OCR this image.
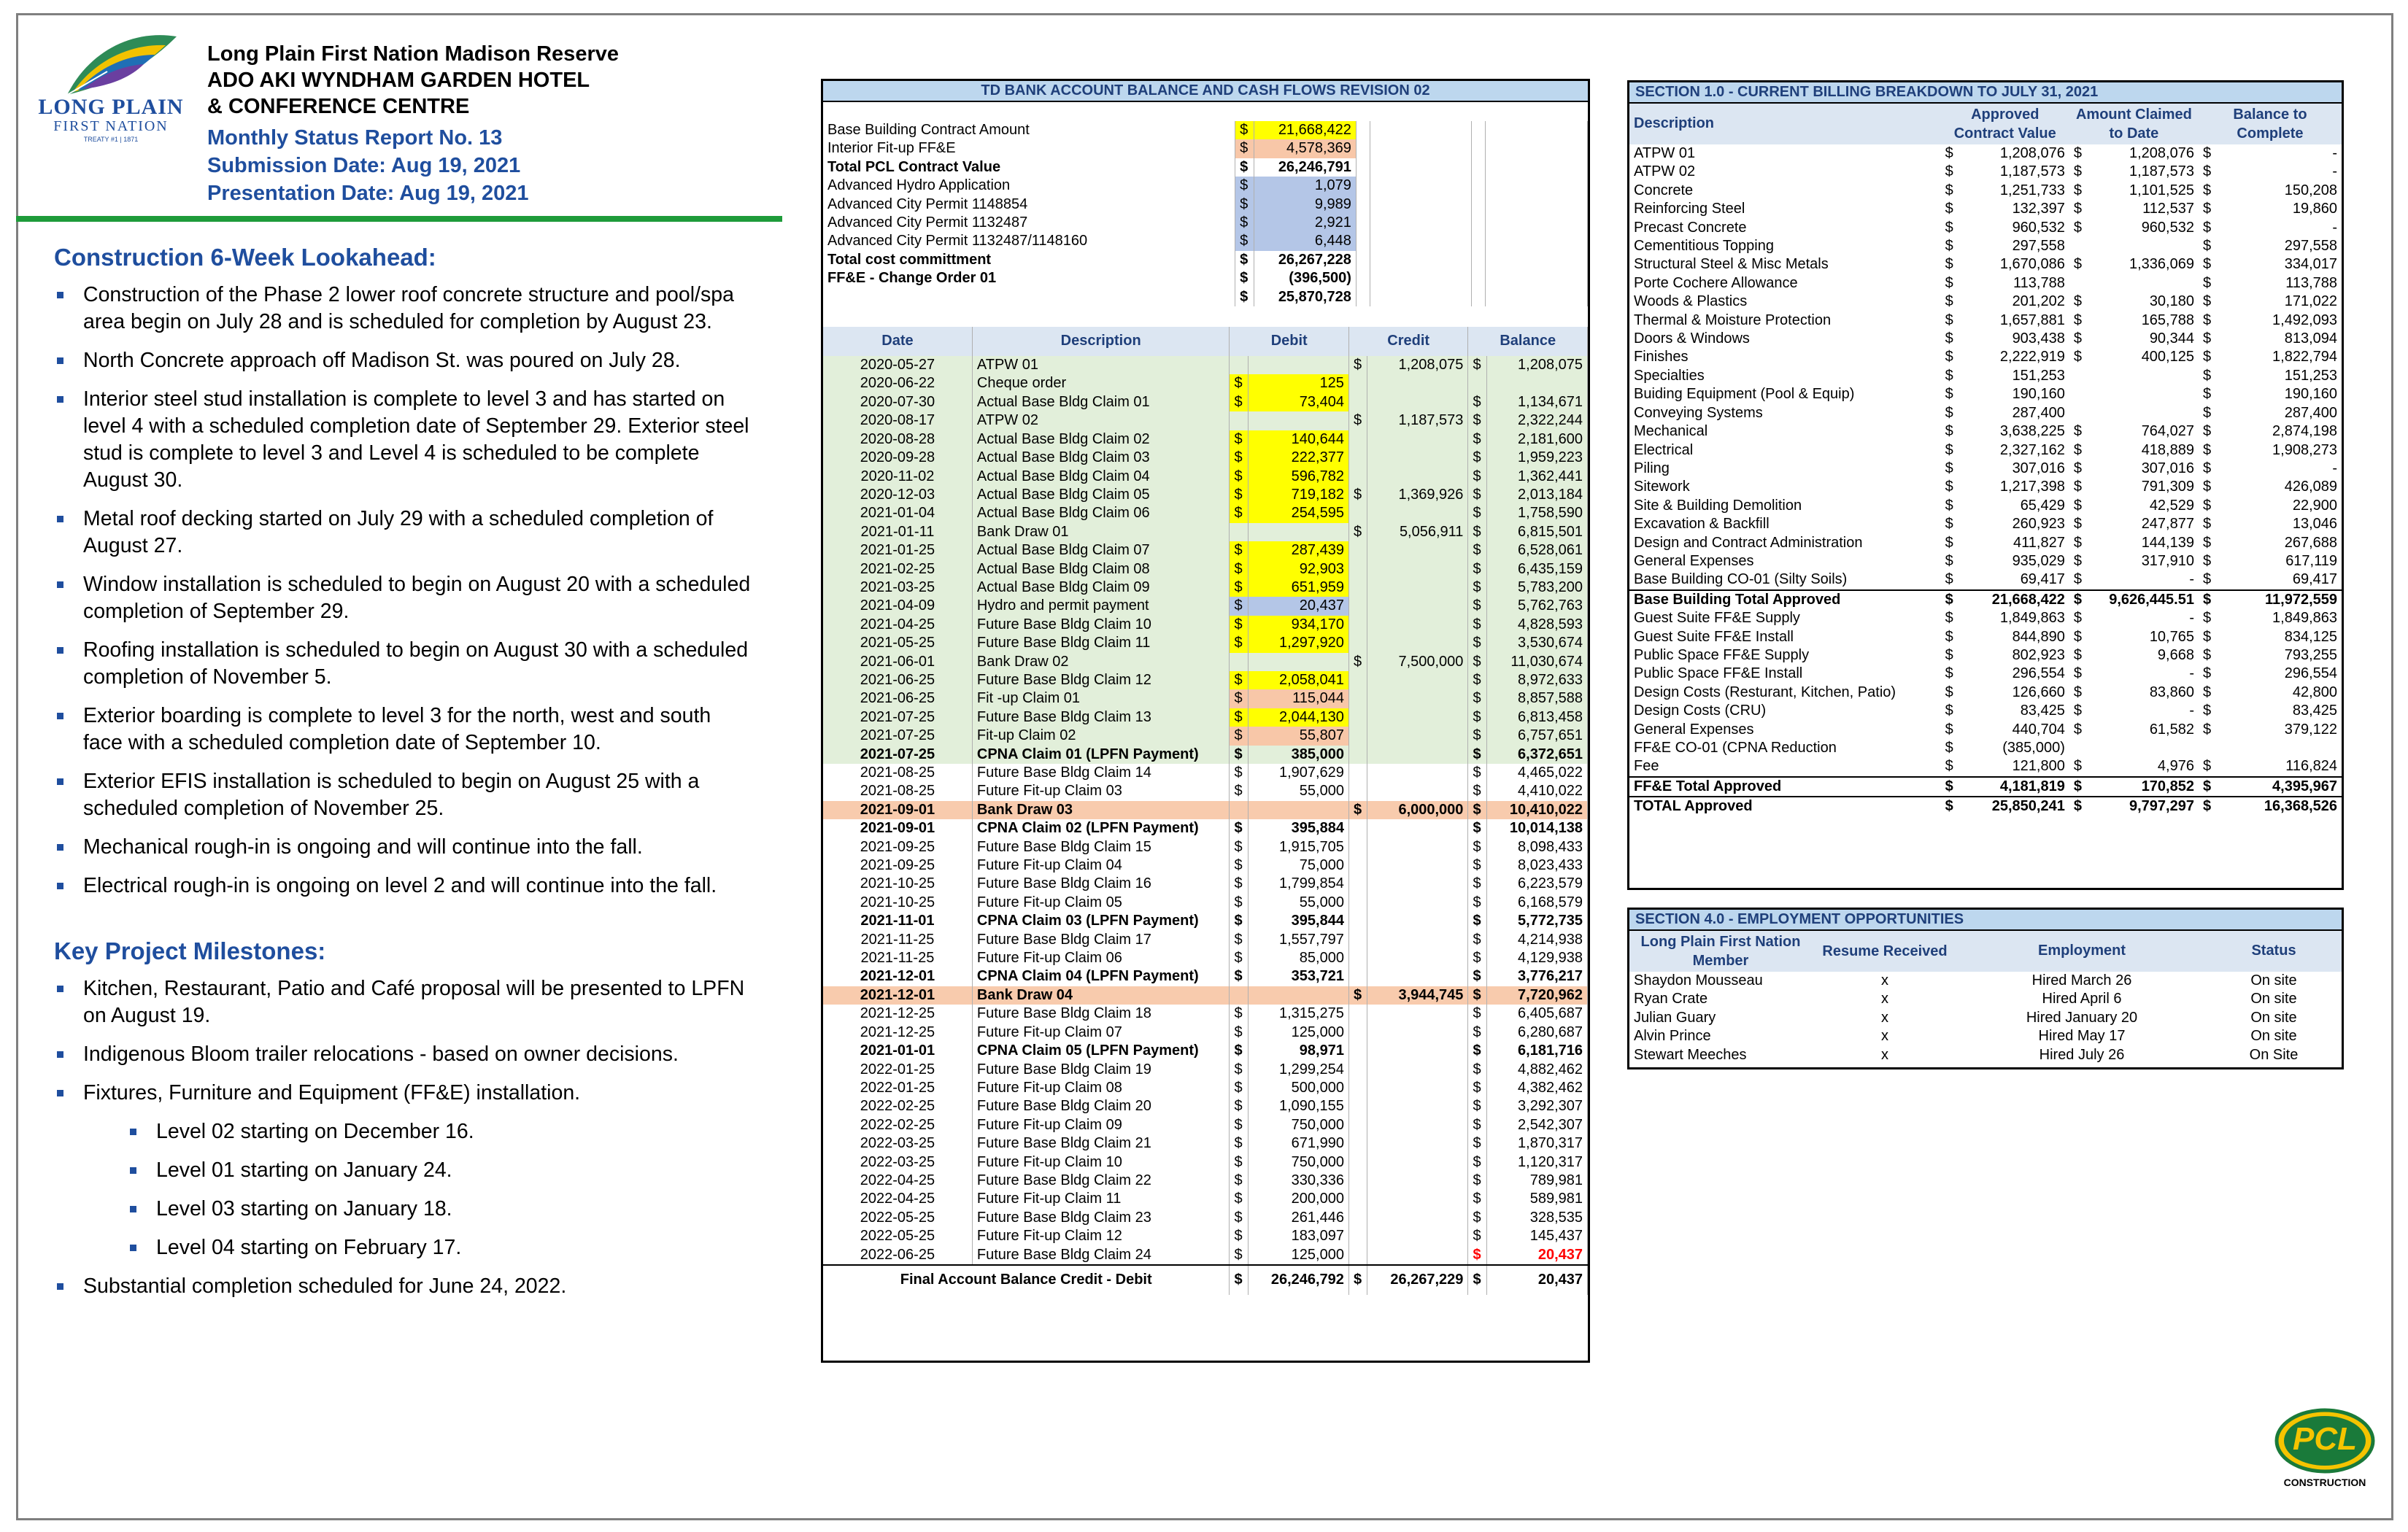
LONG PLAIN
FIRST NATION
TREATY #1 | 1871
Long Plain First Nation Madison Reserve
ADO AKI WYNDHAM GARDEN HOTEL
& CONFERENCE CENTRE
Monthly Status Report No. 13
Submission Date: Aug 19, 2021
Presentation Date: Aug 19, 2021
Construction 6-Week Lookahead:
Construction of the Phase 2 lower roof concrete structure and pool/spa area begin on July 28 and is scheduled for completion by August 23.
North Concrete approach off Madison St. was poured on July 28.
Interior steel stud installation is complete to level 3 and has started on level 4 with a scheduled completion date of September 29. Exterior steel stud is complete to level 3 and Level 4 is scheduled to be complete August 30.
Metal roof decking started on July 29 with a scheduled completion of August 27.
Window installation is scheduled to begin on August 20 with a scheduled completion of September 29.
Roofing installation is scheduled to begin on August 30 with a scheduled completion of November 5.
Exterior boarding is complete to level 3 for the north, west and south face with a scheduled completion date of September 10.
Exterior EFIS installation is scheduled to begin on August 25 with a scheduled completion of November 25.
Mechanical rough-in is ongoing and will continue into the fall.
Electrical rough-in is ongoing on level 2 and will continue into the fall.
Key Project Milestones:
Kitchen, Restaurant, Patio and Café proposal will be presented to LPFN on August 19.
Indigenous Bloom trailer relocations - based on owner decisions.
Fixtures, Furniture and Equipment (FF&E) installation.
Level 02 starting on December 16.
Level 01 starting on January 24.
Level 03 starting on January 18.
Level 04 starting on February 17.
Substantial completion scheduled for June 24, 2022.
TD BANK ACCOUNT BALANCE AND CASH FLOWS REVISION 02
Base Building Contract Amount	$	21,668,422				
Interior Fit-up FF&E	$	4,578,369				
Total PCL Contract Value	$	26,246,791				
Advanced Hydro Application	$	1,079				
Advanced City Permit 1148854	$	9,989				
Advanced City Permit 1132487	$	2,921				
Advanced City Permit 1132487/1148160	$	6,448				
Total cost committment	$	26,267,228				
FF&E - Change Order 01	$	(396,500)				
	$	25,870,728				
Date	Description	Debit		Credit		Balance	
2020-05-27	ATPW 01			$	1,208,075	$	1,208,075
2020-06-22	Cheque order	$	125				
2020-07-30	Actual Base Bldg Claim 01	$	73,404			$	1,134,671
2020-08-17	ATPW 02			$	1,187,573	$	2,322,244
2020-08-28	Actual Base Bldg Claim 02	$	140,644			$	2,181,600
2020-09-28	Actual Base Bldg Claim 03	$	222,377			$	1,959,223
2020-11-02	Actual Base Bldg Claim 04	$	596,782			$	1,362,441
2020-12-03	Actual Base Bldg Claim 05	$	719,182	$	1,369,926	$	2,013,184
2021-01-04	Actual Base Bldg Claim 06	$	254,595			$	1,758,590
2021-01-11	Bank Draw 01			$	5,056,911	$	6,815,501
2021-01-25	Actual Base Bldg Claim 07	$	287,439			$	6,528,061
2021-02-25	Actual Base Bldg Claim 08	$	92,903			$	6,435,159
2021-03-25	Actual Base Bldg Claim 09	$	651,959			$	5,783,200
2021-04-09	Hydro and permit payment	$	20,437			$	5,762,763
2021-04-25	Future Base Bldg Claim 10	$	934,170			$	4,828,593
2021-05-25	Future Base Bldg Claim 11	$	1,297,920			$	3,530,674
2021-06-01	Bank Draw 02			$	7,500,000	$	11,030,674
2021-06-25	Future Base Bldg Claim 12	$	2,058,041			$	8,972,633
2021-06-25	Fit -up Claim 01	$	115,044			$	8,857,588
2021-07-25	Future Base Bldg Claim 13	$	2,044,130			$	6,813,458
2021-07-25	Fit-up Claim 02	$	55,807			$	6,757,651
2021-07-25	CPNA Claim 01 (LPFN Payment)	$	385,000			$	6,372,651
2021-08-25	Future Base Bldg Claim 14	$	1,907,629			$	4,465,022
2021-08-25	Future Fit-up Claim 03	$	55,000			$	4,410,022
2021-09-01	Bank Draw 03			$	6,000,000	$	10,410,022
2021-09-01	CPNA Claim 02 (LPFN Payment)	$	395,884			$	10,014,138
2021-09-25	Future Base Bldg Claim 15	$	1,915,705			$	8,098,433
2021-09-25	Future Fit-up Claim 04	$	75,000			$	8,023,433
2021-10-25	Future Base Bldg Claim 16	$	1,799,854			$	6,223,579
2021-10-25	Future Fit-up Claim 05	$	55,000			$	6,168,579
2021-11-01	CPNA Claim 03 (LPFN Payment)	$	395,844			$	5,772,735
2021-11-25	Future Base Bldg Claim 17	$	1,557,797			$	4,214,938
2021-11-25	Future Fit-up Claim 06	$	85,000			$	4,129,938
2021-12-01	CPNA Claim 04 (LPFN Payment)	$	353,721			$	3,776,217
2021-12-01	Bank Draw 04			$	3,944,745	$	7,720,962
2021-12-25	Future Base Bldg Claim 18	$	1,315,275			$	6,405,687
2021-12-25	Future Fit-up Claim 07	$	125,000			$	6,280,687
2021-01-01	CPNA Claim 05 (LPFN Payment)	$	98,971			$	6,181,716
2022-01-25	Future Base Bldg Claim 19	$	1,299,254			$	4,882,462
2022-01-25	Future Fit-up Claim 08	$	500,000			$	4,382,462
2022-02-25	Future Base Bldg Claim 20	$	1,090,155			$	3,292,307
2022-02-25	Future Fit-up Claim 09	$	750,000			$	2,542,307
2022-03-25	Future Base Bldg Claim 21	$	671,990			$	1,870,317
2022-03-25	Future Fit-up Claim 10	$	750,000			$	1,120,317
2022-04-25	Future Base Bldg Claim 22	$	330,336			$	789,981
2022-04-25	Future Fit-up Claim 11	$	200,000			$	589,981
2022-05-25	Future Base Bldg Claim 23	$	261,446			$	328,535
2022-05-25	Future Fit-up Claim 12	$	183,097			$	145,437
2022-06-25	Future Base Bldg Claim 24	$	125,000			$	20,437
Final Account Balance Credit - Debit		$	26,246,792	$	26,267,229	$	20,437
SECTION 1.0 - CURRENT BILLING BREAKDOWN TO JULY 31, 2021
Description	Approved Contract Value		Amount Claimed to Date		Balance to Complete	
ATPW 01	$	1,208,076	$	1,208,076	$	-
ATPW 02	$	1,187,573	$	1,187,573	$	-
Concrete	$	1,251,733	$	1,101,525	$	150,208
Reinforcing Steel	$	132,397	$	112,537	$	19,860
Precast Concrete	$	960,532	$	960,532	$	-
Cementitious Topping	$	297,558			$	297,558
Structural Steel & Misc Metals	$	1,670,086	$	1,336,069	$	334,017
Porte Cochere Allowance	$	113,788			$	113,788
Woods & Plastics	$	201,202	$	30,180	$	171,022
Thermal & Moisture Protection	$	1,657,881	$	165,788	$	1,492,093
Doors & Windows	$	903,438	$	90,344	$	813,094
Finishes	$	2,222,919	$	400,125	$	1,822,794
Specialties	$	151,253			$	151,253
Buiding Equipment (Pool & Equip)	$	190,160			$	190,160
Conveying Systems	$	287,400			$	287,400
Mechanical	$	3,638,225	$	764,027	$	2,874,198
Electrical	$	2,327,162	$	418,889	$	1,908,273
Piling	$	307,016	$	307,016	$	-
Sitework	$	1,217,398	$	791,309	$	426,089
Site & Building Demolition	$	65,429	$	42,529	$	22,900
Excavation & Backfill	$	260,923	$	247,877	$	13,046
Design and Contract Administration	$	411,827	$	144,139	$	267,688
General Expenses	$	935,029	$	317,910	$	617,119
Base Building CO-01 (Silty Soils)	$	69,417	$	-	$	69,417
Base Building Total Approved	$	21,668,422	$	9,626,445.51	$	11,972,559
Guest Suite FF&E Supply	$	1,849,863	$	-	$	1,849,863
Guest Suite FF&E Install	$	844,890	$	10,765	$	834,125
Public Space FF&E Supply	$	802,923	$	9,668	$	793,255
Public Space FF&E Install	$	296,554	$	-	$	296,554
Design Costs (Resturant, Kitchen, Patio)	$	126,660	$	83,860	$	42,800
Design Costs (CRU)	$	83,425	$	-	$	83,425
General Expenses	$	440,704	$	61,582	$	379,122
FF&E CO-01 (CPNA Reduction	$	(385,000)				
Fee	$	121,800	$	4,976	$	116,824
FF&E Total Approved	$	4,181,819	$	170,852	$	4,395,967
TOTAL Approved	$	25,850,241	$	9,797,297	$	16,368,526
SECTION 4.0 - EMPLOYMENT OPPORTUNITIES
Long Plain First Nation Member	Resume Received	Employment	Status
Shaydon Mousseau	x	Hired March 26	On site
Ryan Crate	x	Hired April 6	On site
Julian Guary	x	Hired January 20	On site
Alvin Prince	x	Hired May 17	On site
Stewart Meeches	x	Hired July 26	On Site
PCL
CONSTRUCTION
